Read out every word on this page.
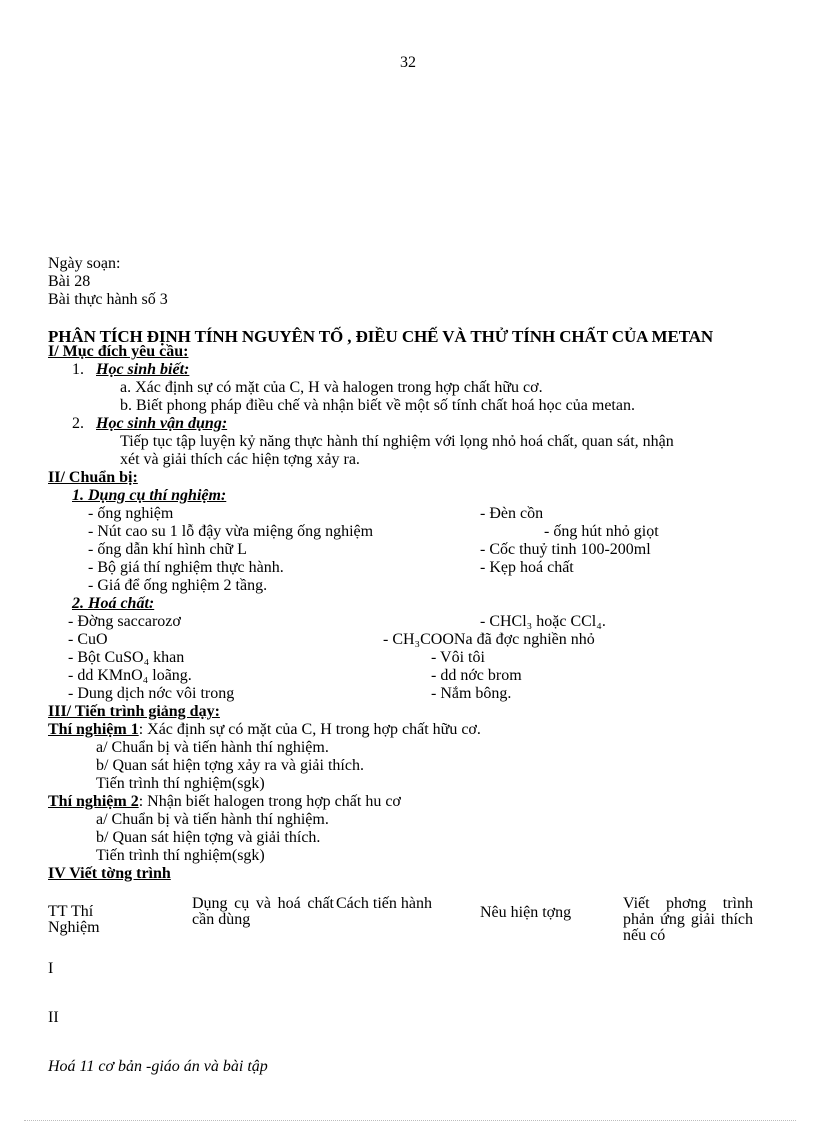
32
Ngày soạn:
Bài 28
Bài thực hành số 3
PHÂN TÍCH ĐỊNH TÍNH NGUYÊN TỐ , ĐIỀU CHẾ VÀ THỬ TÍNH CHẤT CỦA METAN
I/ Mục đích yêu cầu:
1. Học sinh biết:
a. Xác định sự có mặt của C, H và halogen trong hợp chất hữu cơ.
b. Biết phong pháp điều chế và nhận biết về một số tính chất hoá học của metan.
2. Học sinh vận dụng:
Tiếp tục tập luyện kỷ năng thực hành thí nghiệm với lọng nhỏ hoá chất, quan sát, nhận
xét và giải thích các hiện tợng xảy ra.
II/ Chuẩn bị:
1. Dụng cụ thí nghiệm:
- ống nghiệm
- Nút cao su 1 lỗ đậy vừa miệng ống nghiệm
- ống dẫn khí hình chữ L
- Bộ giá thí nghiệm thực hành.
- Giá để ống nghiệm 2 tầng.
- Đèn cồn
- ống hút nhỏ giọt
- Cốc thuỷ tinh 100-200ml
- Kẹp hoá chất
2. Hoá chất:
- Đờng saccarozơ
- CuO
- Bột CuSO₄ khan
- dd KMnO₄ loãng.
- Dung dịch nớc vôi trong
- CHCl₃ hoặc CCl₄.
- CH₃COONa đã đợc nghiền nhỏ
- Vôi tôi
- dd nớc brom
- Nắm bông.
III/ Tiến trình giảng dạy:
Thí nghiệm 1: Xác định sự có mặt của C, H trong hợp chất hữu cơ.
a/ Chuẩn bị và tiến hành thí nghiệm.
b/ Quan sát hiện tợng xảy ra và giải thích.
Tiến trình thí nghiệm(sgk)
Thí nghiệm 2: Nhận biết halogen trong hợp chất hu cơ
a/ Chuẩn bị và tiến hành thí nghiệm.
b/ Quan sát hiện tợng và giải thích.
Tiến trình thí nghiệm(sgk)
IV Viết tờng trình
TT Thí Nghiệm
Dụng cụ và hoá chất cần dùng
Cách tiến hành
Nêu hiện tợng
Viết phơng trình phản ứng giải thích nếu có
I
II
Hoá 11 cơ bản -giáo án và bài tập
